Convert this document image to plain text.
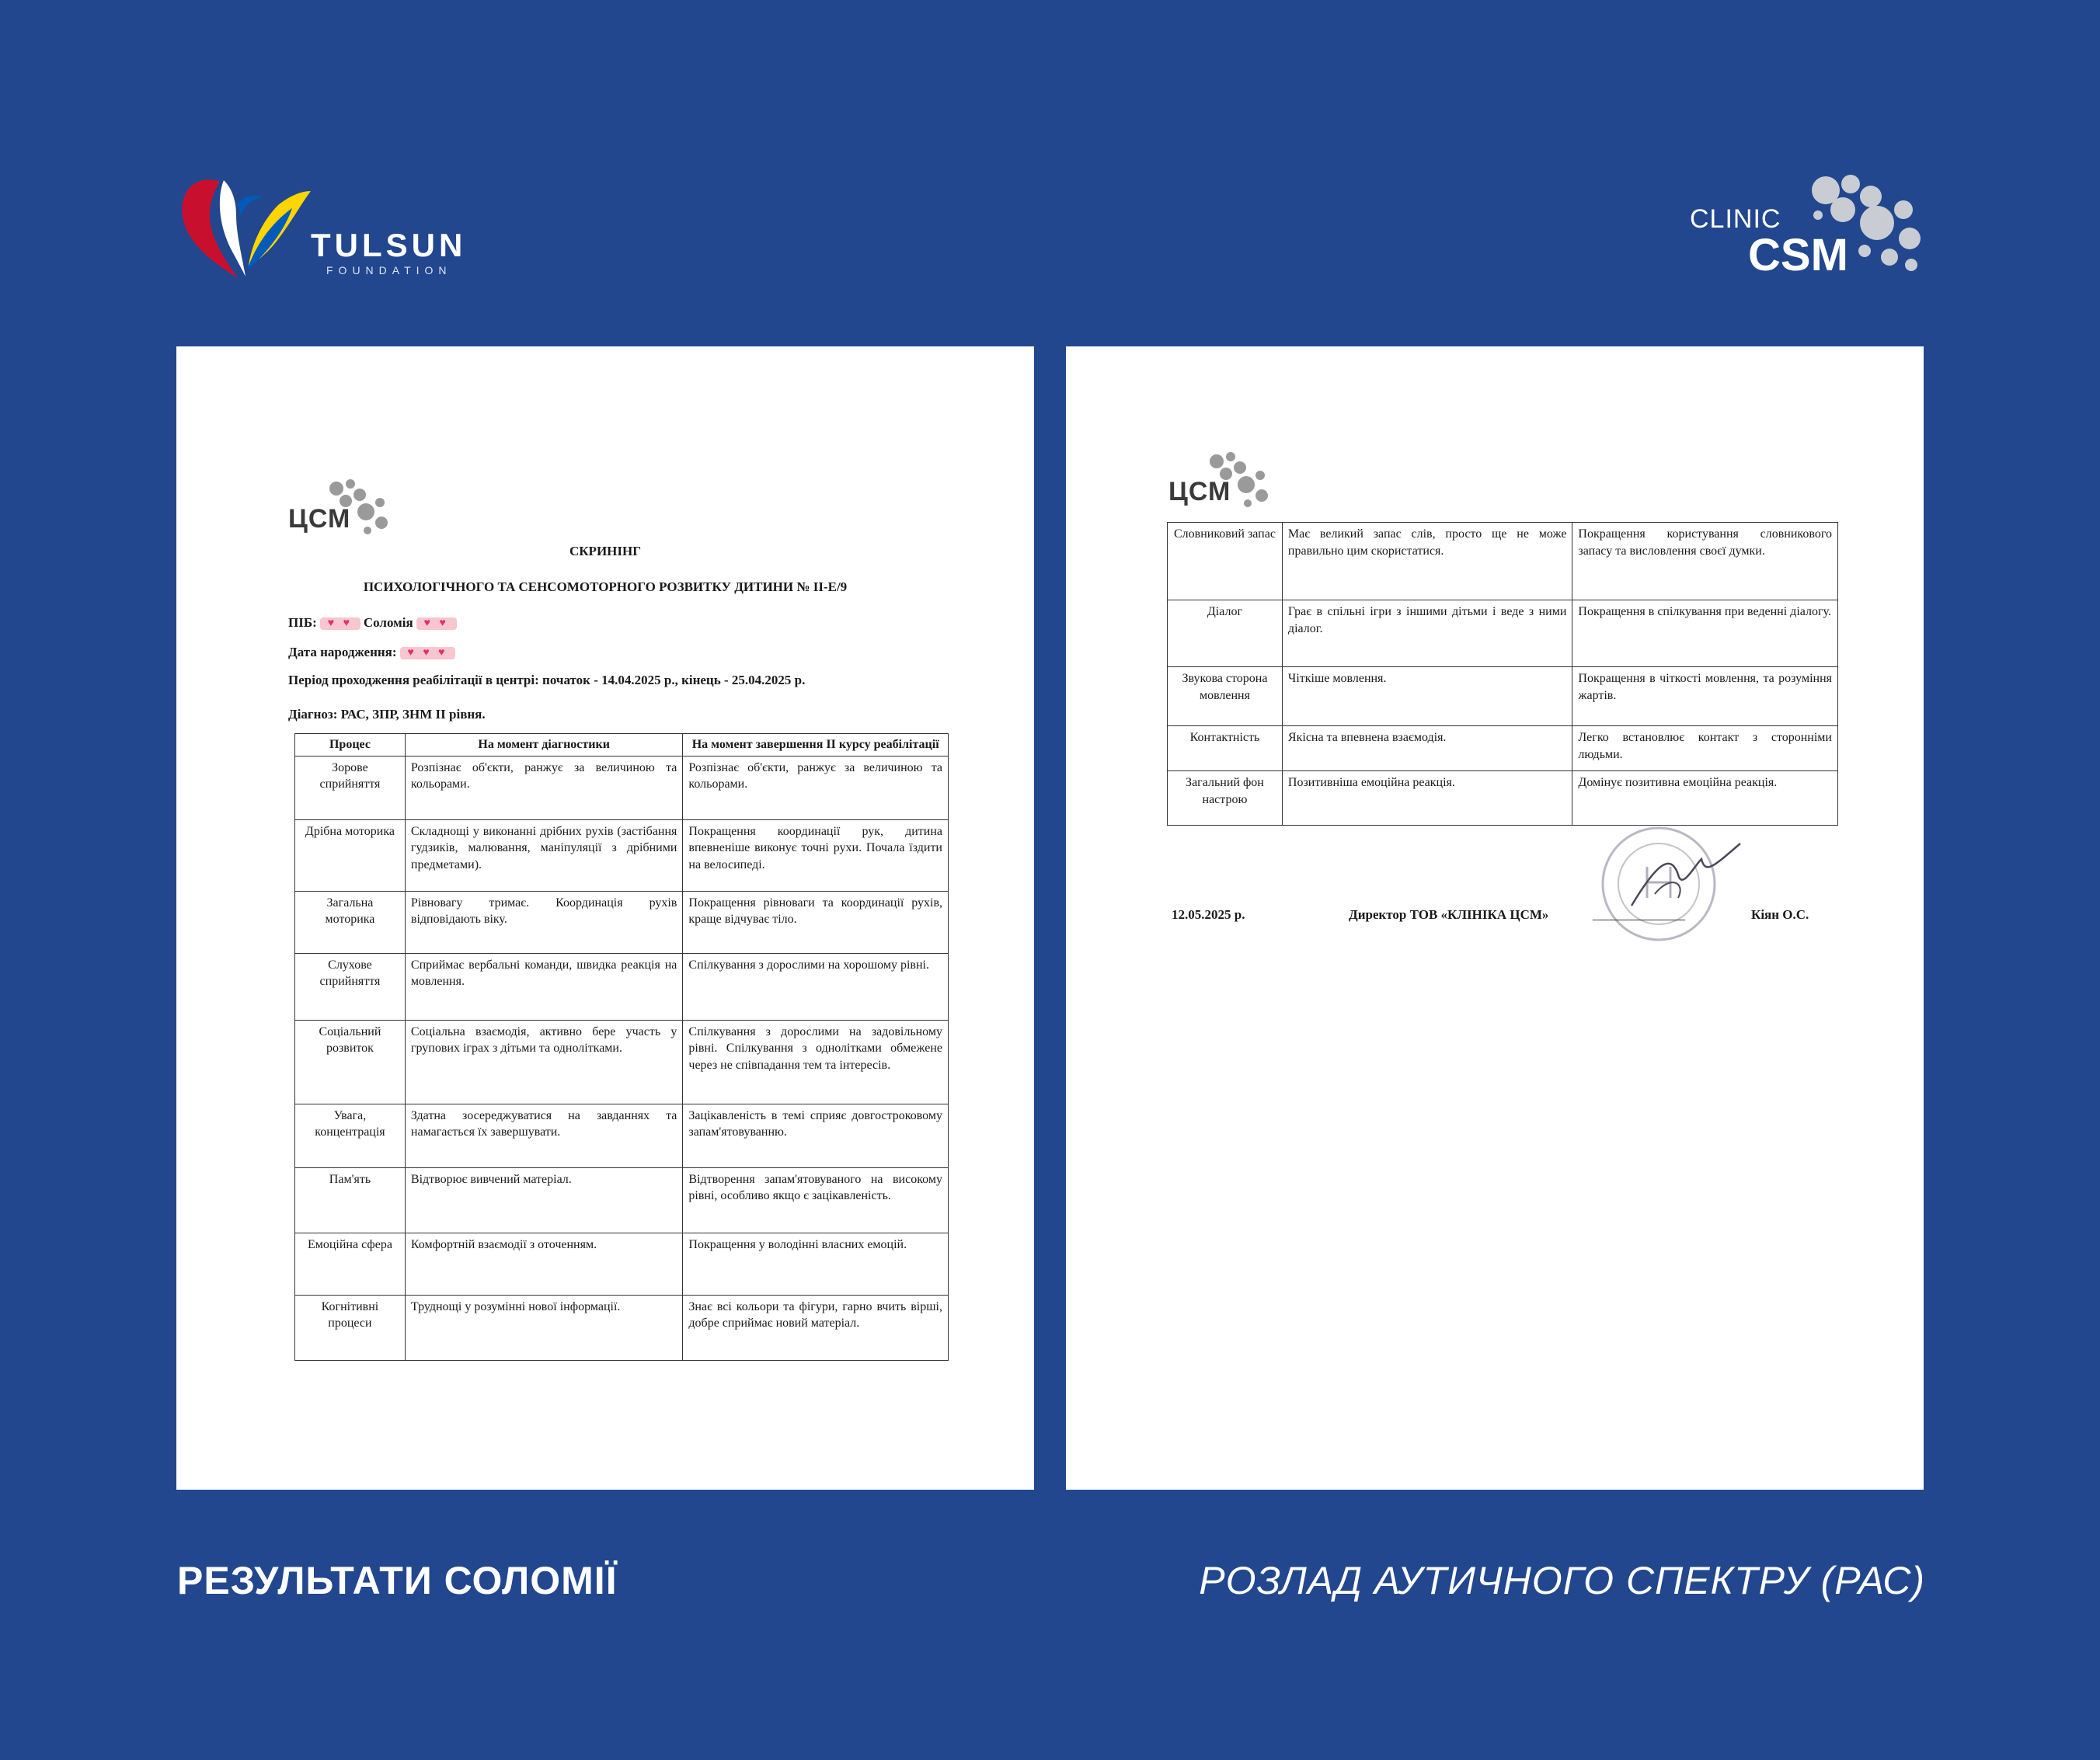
TULSUN
FOUNDATION
CLINIC
CSM
ЦСМ
СКРИНІНГ
ПСИХОЛОГІЧНОГО ТА СЕНСОМОТОРНОГО РОЗВИТКУ ДИТИНИ № II-Е/9
ПІБ: ♥ ♥ Соломія ♥ ♥
Дата народження: ♥ ♥ ♥
Період проходження реабілітації в центрі: початок - 14.04.2025 р., кінець - 25.04.2025 р.
Діагноз: РАС, ЗПР, ЗНМ II рівня.
Процес	На момент діагностики	На момент завершення II курсу реабілітації
Зорове сприйняття	Розпізнає об'єкти, ранжує за величиною та кольорами.	Розпізнає об'єкти, ранжує за величиною та кольорами.
Дрібна моторика	Складнощі у виконанні дрібних рухів (застібання гудзиків, малювання, маніпуляції з дрібними предметами).	Покращення координації рук, дитина впевненіше виконує точні рухи. Почала їздити на велосипеді.
Загальна моторика	Рівновагу тримає. Координація рухів відповідають віку.	Покращення рівноваги та координації рухів, краще відчуває тіло.
Слухове сприйняття	Сприймає вербальні команди, швидка реакція на мовлення.	Спілкування з дорослими на хорошому рівні.
Соціальний розвиток	Соціальна взаємодія, активно бере участь у групових іграх з дітьми та однолітками.	Спілкування з дорослими на задовільному рівні. Спілкування з однолітками обмежене через не співпадання тем та інтересів.
Увага, концентрація	Здатна зосереджуватися на завданнях та намагається їх завершувати.	Зацікавленість в темі сприяє довгостроковому запам'ятовуванню.
Пам'ять	Відтворює вивчений матеріал.	Відтворення запам'ятовуваного на високому рівні, особливо якщо є зацікавленість.
Емоційна сфера	Комфортній взаємодії з оточенням.	Покращення у володінні власних емоцій.
Когнітивні процеси	Труднощі у розумінні нової інформації.	Знає всі кольори та фігури, гарно вчить вірші, добре сприймає новий матеріал.
ЦСМ
Словниковий запас	Має великий запас слів, просто ще не може правильно цим скористатися.	Покращення користування словникового запасу та висловлення своєї думки.
Діалог	Грає в спільні ігри з іншими дітьми і веде з ними діалог.	Покращення в спілкування при веденні діалогу.
Звукова сторона мовлення	Чіткіше мовлення.	Покращення в чіткості мовлення, та розуміння жартів.
Контактність	Якісна та впевнена взаємодія.	Легко встановлює контакт з сторонніми людьми.
Загальний фон настрою	Позитивніша емоційна реакція.	Домінує позитивна емоційна реакція.
12.05.2025 р.	Директор ТОВ «КЛІНІКА ЦСМ»	______________	Кіян О.С.
РЕЗУЛЬТАТИ СОЛОМІЇ	РОЗЛАД АУТИЧНОГО СПЕКТРУ (РАС)
